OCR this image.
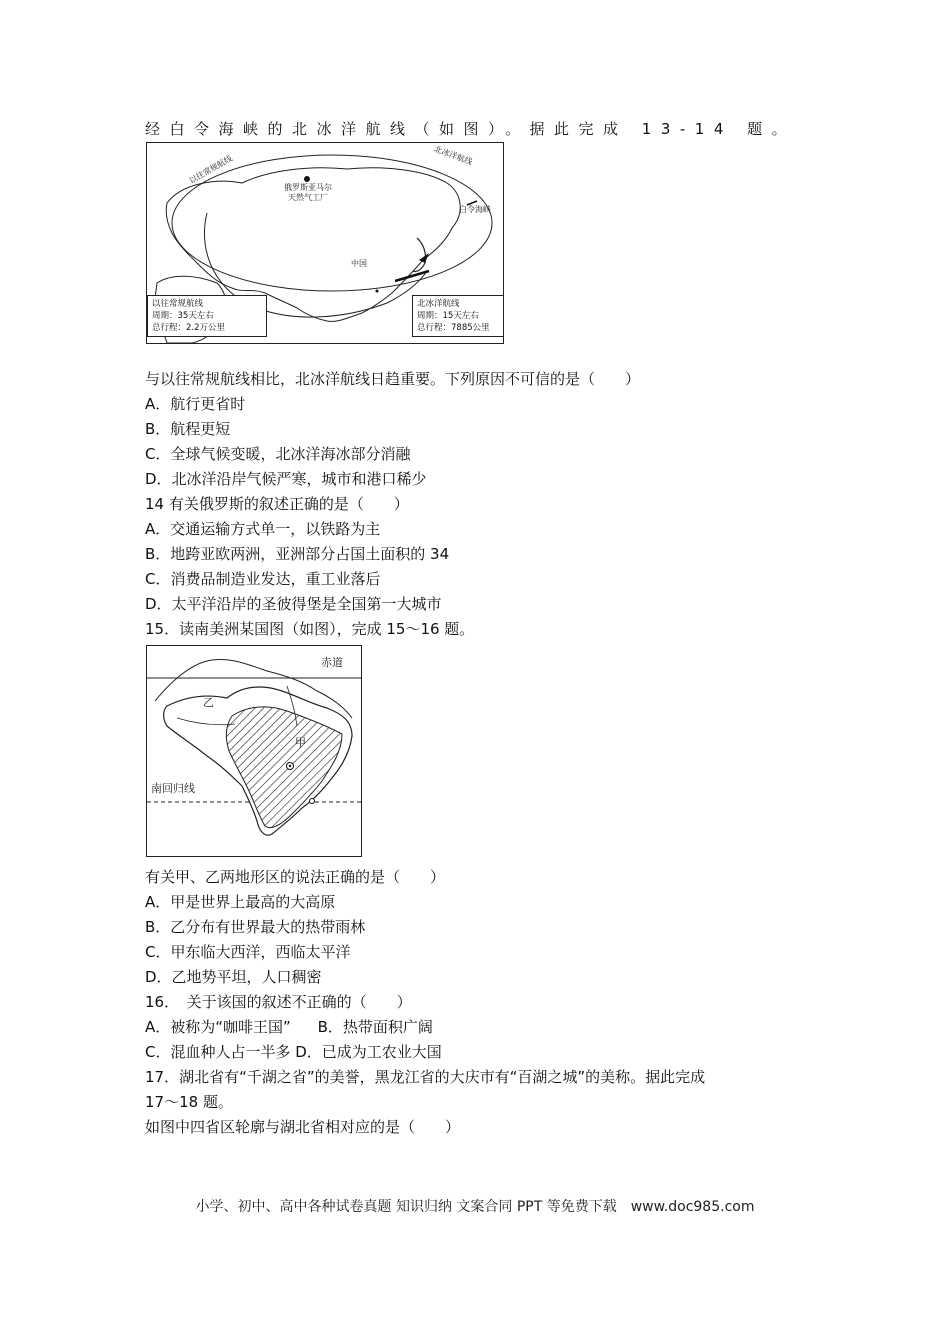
经白令海峡的北冰洋航线（如图）。据此完成 13-14 题。
以往常规航线	北冰洋航线
俄罗斯亚马尔天然气工厂
白令海峡
中国
以往常规航线
周期：35天左右
总行程：2.2万公里
北冰洋航线
周期：15天左右
总行程：7885公里
与以往常规航线相比，北冰洋航线日趋重要。下列原因不可信的是（　　）
A．航行更省时
B．航程更短
C．全球气候变暖，北冰洋海冰部分消融
D．北冰洋沿岸气候严寒，城市和港口稀少
14 有关俄罗斯的叙述正确的是（　　）
A．交通运输方式单一，以铁路为主
B．地跨亚欧两洲，亚洲部分占国土面积的 34
C．消费品制造业发达，重工业落后
D．太平洋沿岸的圣彼得堡是全国第一大城市
15．读南美洲某国图（如图），完成 15～16 题。
赤道
南回归线
甲
乙
有关甲、乙两地形区的说法正确的是（　　）
A．甲是世界上最高的大高原
B．乙分布有世界最大的热带雨林
C．甲东临大西洋，西临太平洋
D．乙地势平坦，人口稠密
16．　关于该国的叙述不正确的（　　）
A．被称为“咖啡王国” B．热带面积广阔
C．混血种人占一半多 D．已成为工农业大国
17．湖北省有“千湖之省”的美誉，黑龙江省的大庆市有“百湖之城”的美称。据此完成
17～18 题。
如图中四省区轮廓与湖北省相对应的是（　　）
小学、初中、高中各种试卷真题 知识归纳 文案合同 PPT 等免费下载　www.doc985.com
